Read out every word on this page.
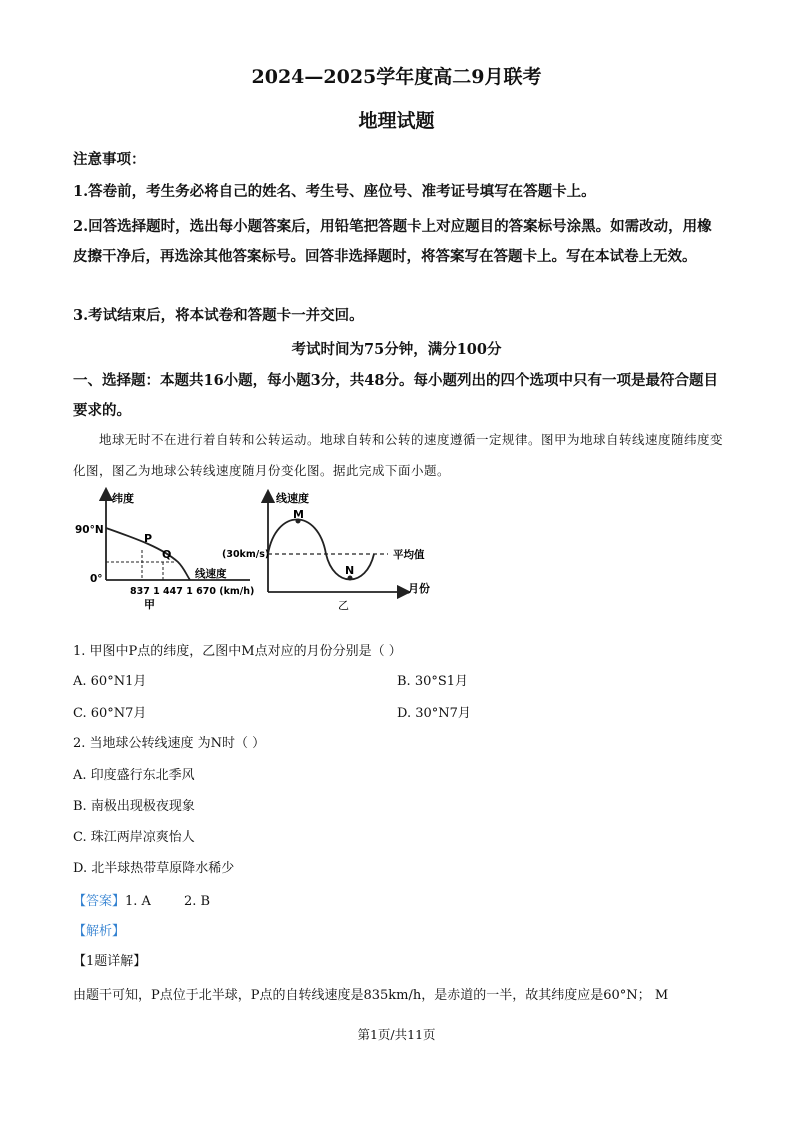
2024—2025学年度高二9月联考
地理试题
注意事项：
1.答卷前，考生务必将自己的姓名、考生号、座位号、准考证号填写在答题卡上。
2.回答选择题时，选出每小题答案后，用铅笔把答题卡上对应题目的答案标号涂黑。如需改动，用橡皮擦干净后，再选涂其他答案标号。回答非选择题时，将答案写在答题卡上。写在本试卷上无效。
3.考试结束后，将本试卷和答题卡一并交回。
考试时间为75分钟，满分100分
一、选择题：本题共16小题，每小题3分，共48分。每小题列出的四个选项中只有一项是最符合题目要求的。
地球无时不在进行着自转和公转运动。地球自转和公转的速度遵循一定规律。图甲为地球自转线速度随纬度变化图，图乙为地球公转线速度随月份变化图。据此完成下面小题。
纬度
90°N
0°
P
Q
线速度
837 1 447 1 670 (km/h)
甲
线速度
(30km/s)	平均值
M
N
月份
乙
1. 甲图中P点的纬度，乙图中M点对应的月份分别是（ ）
A. 60°N1月	B. 30°S1月
C. 60°N7月	D. 30°N7月
2. 当地球公转线速度 为N时（ ）
A. 印度盛行东北季风
B. 南极出现极夜现象
C. 珠江两岸凉爽怡人
D. 北半球热带草原降水稀少
【答案】1. A        2. B
【解析】
【1题详解】
由题干可知，P点位于北半球，P点的自转线速度是835km/h，是赤道的一半，故其纬度应是60°N； M
第1页/共11页
